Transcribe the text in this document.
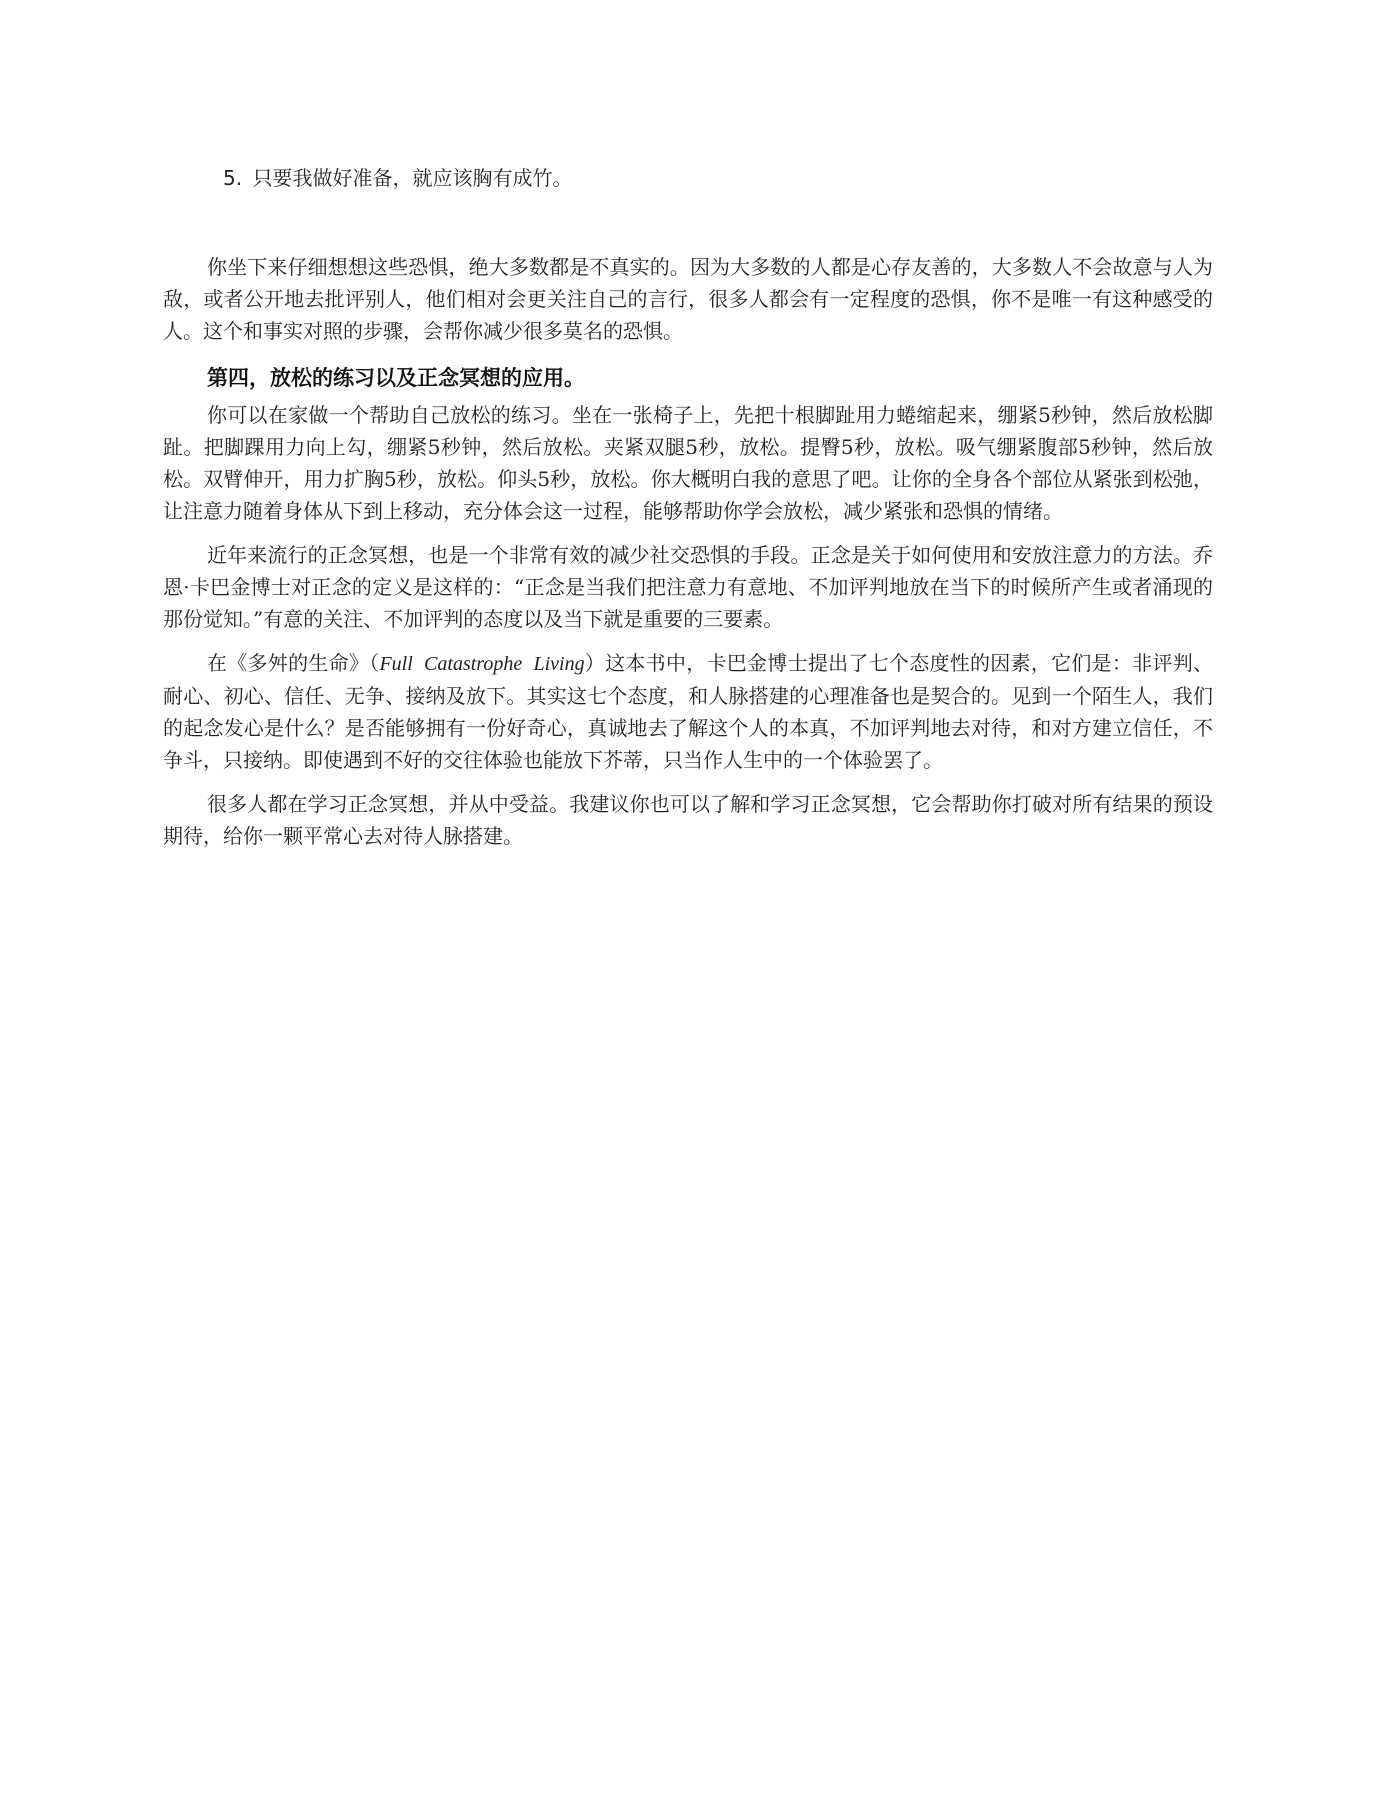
5. 只要我做好准备，就应该胸有成竹。

你坐下来仔细想想这些恐惧，绝大多数都是不真实的。因为大多数的人都是心存友善的，大多数人不会故意与人为敌，或者公开地去批评别人，他们相对会更关注自己的言行，很多人都会有一定程度的恐惧，你不是唯一有这种感受的人。这个和事实对照的步骤，会帮你减少很多莫名的恐惧。

第四，放松的练习以及正念冥想的应用。

你可以在家做一个帮助自己放松的练习。坐在一张椅子上，先把十根脚趾用力蜷缩起来，绷紧5秒钟，然后放松脚趾。把脚踝用力向上勾，绷紧5秒钟，然后放松。夹紧双腿5秒，放松。提臀5秒，放松。吸气绷紧腹部5秒钟，然后放松。双臂伸开，用力扩胸5秒，放松。仰头5秒，放松。你大概明白我的意思了吧。让你的全身各个部位从紧张到松弛，让注意力随着身体从下到上移动，充分体会这一过程，能够帮助你学会放松，减少紧张和恐惧的情绪。

近年来流行的正念冥想，也是一个非常有效的减少社交恐惧的手段。正念是关于如何使用和安放注意力的方法。乔恩·卡巴金博士对正念的定义是这样的：“正念是当我们把注意力有意地、不加评判地放在当下的时候所产生或者涌现的那份觉知。”有意的关注、不加评判的态度以及当下就是重要的三要素。

在《多舛的生命》（Full Catastrophe Living）这本书中，卡巴金博士提出了七个态度性的因素，它们是：非评判、耐心、初心、信任、无争、接纳及放下。其实这七个态度，和人脉搭建的心理准备也是契合的。见到一个陌生人，我们的起念发心是什么？是否能够拥有一份好奇心，真诚地去了解这个人的本真，不加评判地去对待，和对方建立信任，不争斗，只接纳。即使遇到不好的交往体验也能放下芥蒂，只当作人生中的一个体验罢了。

很多人都在学习正念冥想，并从中受益。我建议你也可以了解和学习正念冥想，它会帮助你打破对所有结果的预设期待，给你一颗平常心去对待人脉搭建。
